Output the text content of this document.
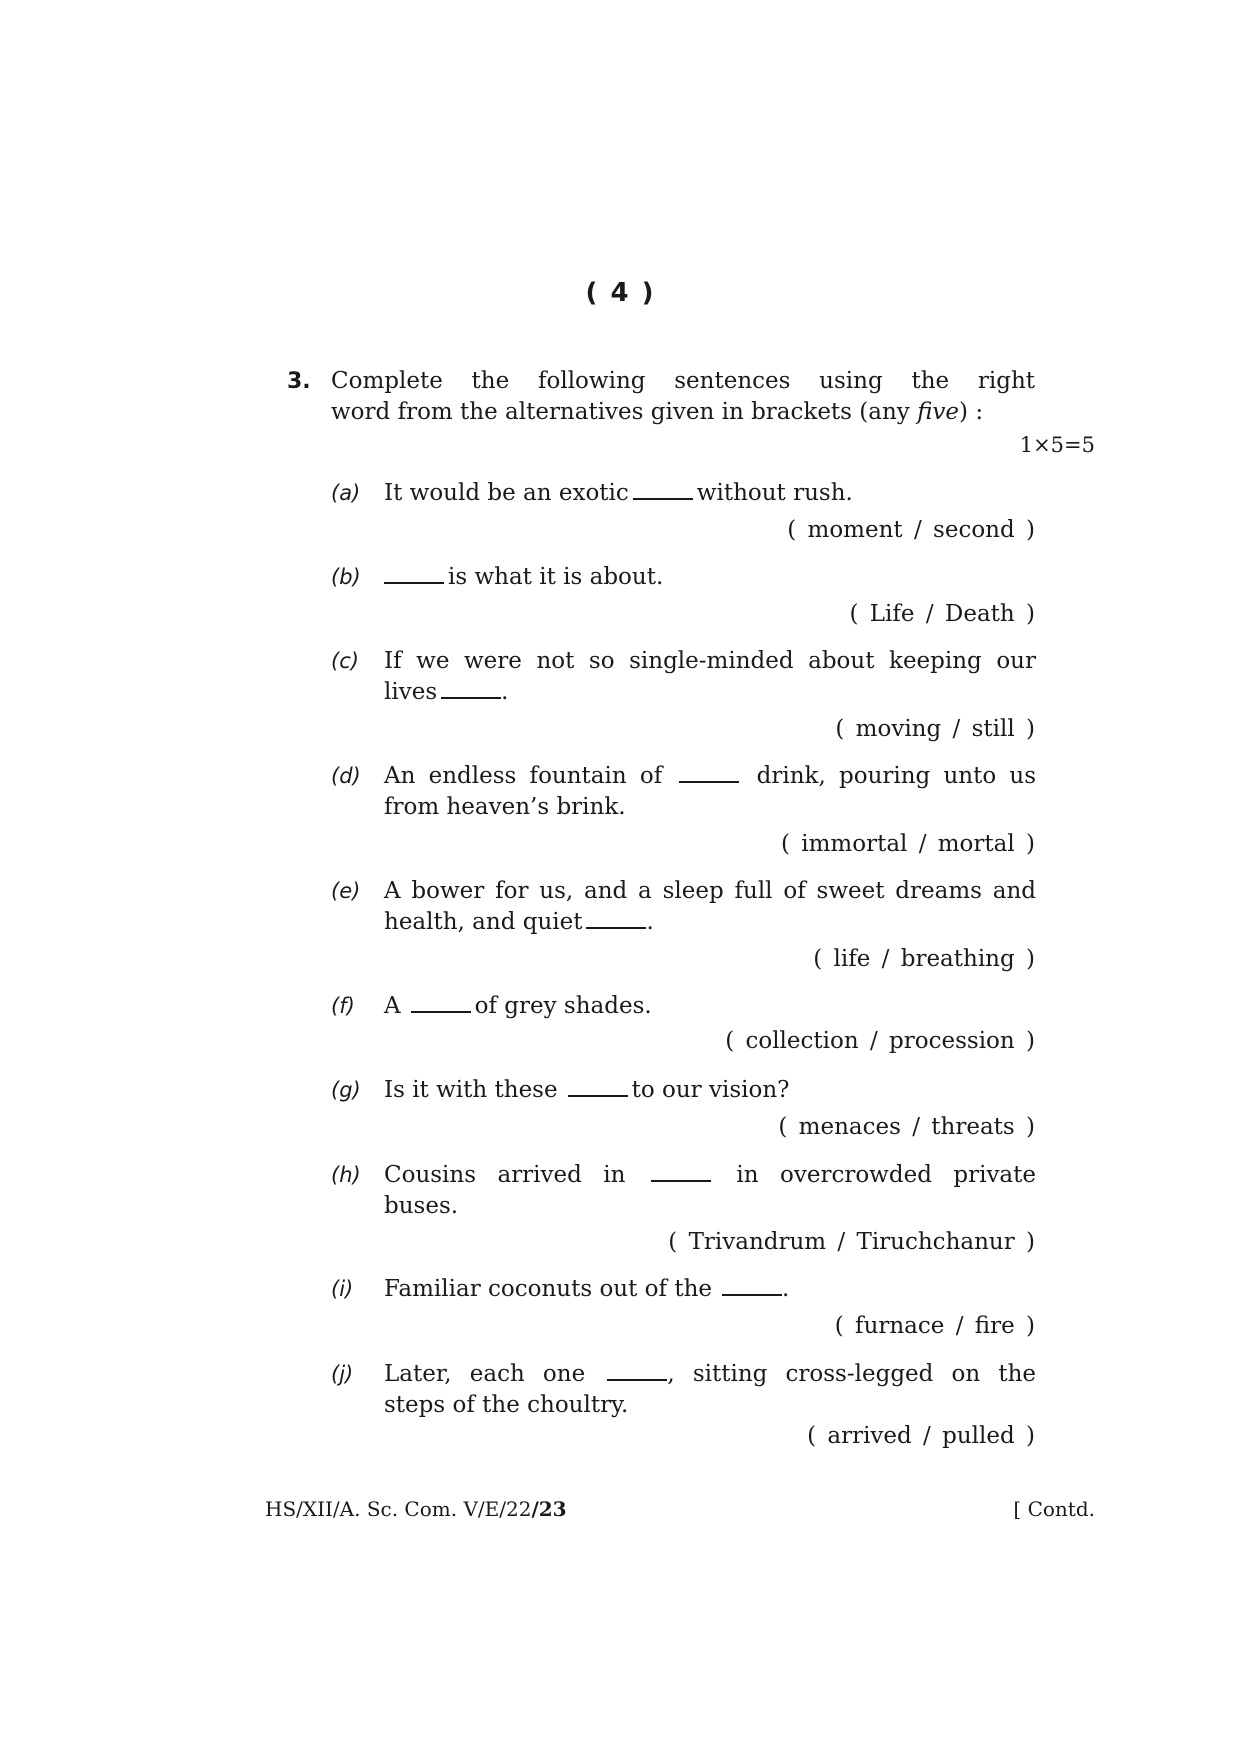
( 4 )
3. Complete the following sentences using the right
word from the alternatives given in brackets (any five) :
1×5=5
(a) It would be an exotic	without rush.
( moment / second )
(b)	is what it is about.
( Life / Death )
(c) If we were not so single-minded about keeping our
lives	.
( moving / still )
(d) An endless fountain of	drink, pouring unto us
from heaven’s brink.
( immortal / mortal )
(e) A bower for us, and a sleep full of sweet dreams and
health, and quiet	.
( life / breathing )
(f) A	of grey shades.
( collection / procession )
(g) Is it with these	to our vision?
( menaces / threats )
(h) Cousins arrived in	in overcrowded private
buses.
( Trivandrum / Tiruchchanur )
(i) Familiar coconuts out of the	.
( furnace / fire )
(j) Later, each one	, sitting cross-legged on the
steps of the choultry.
( arrived / pulled )
HS/XII/A. Sc. Com. V/E/22/23	[ Contd.
